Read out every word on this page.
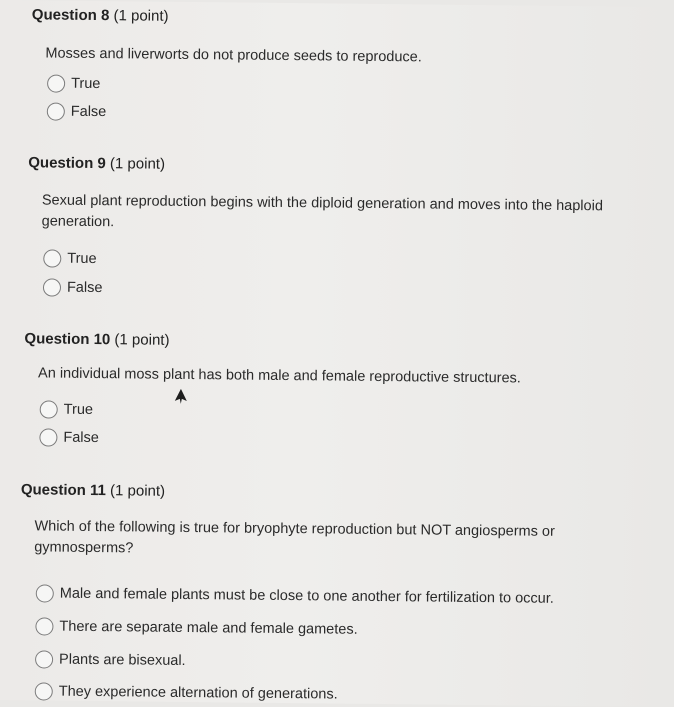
Question 8 (1 point)
Mosses and liverworts do not produce seeds to reproduce.
True
False
Question 9 (1 point)
Sexual plant reproduction begins with the diploid generation and moves into the haploid generation.
True
False
Question 10 (1 point)
An individual moss plant has both male and female reproductive structures.
True
False
Question 11 (1 point)
Which of the following is true for bryophyte reproduction but NOT angiosperms or gymnosperms?
Male and female plants must be close to one another for fertilization to occur.
There are separate male and female gametes.
Plants are bisexual.
They experience alternation of generations.
